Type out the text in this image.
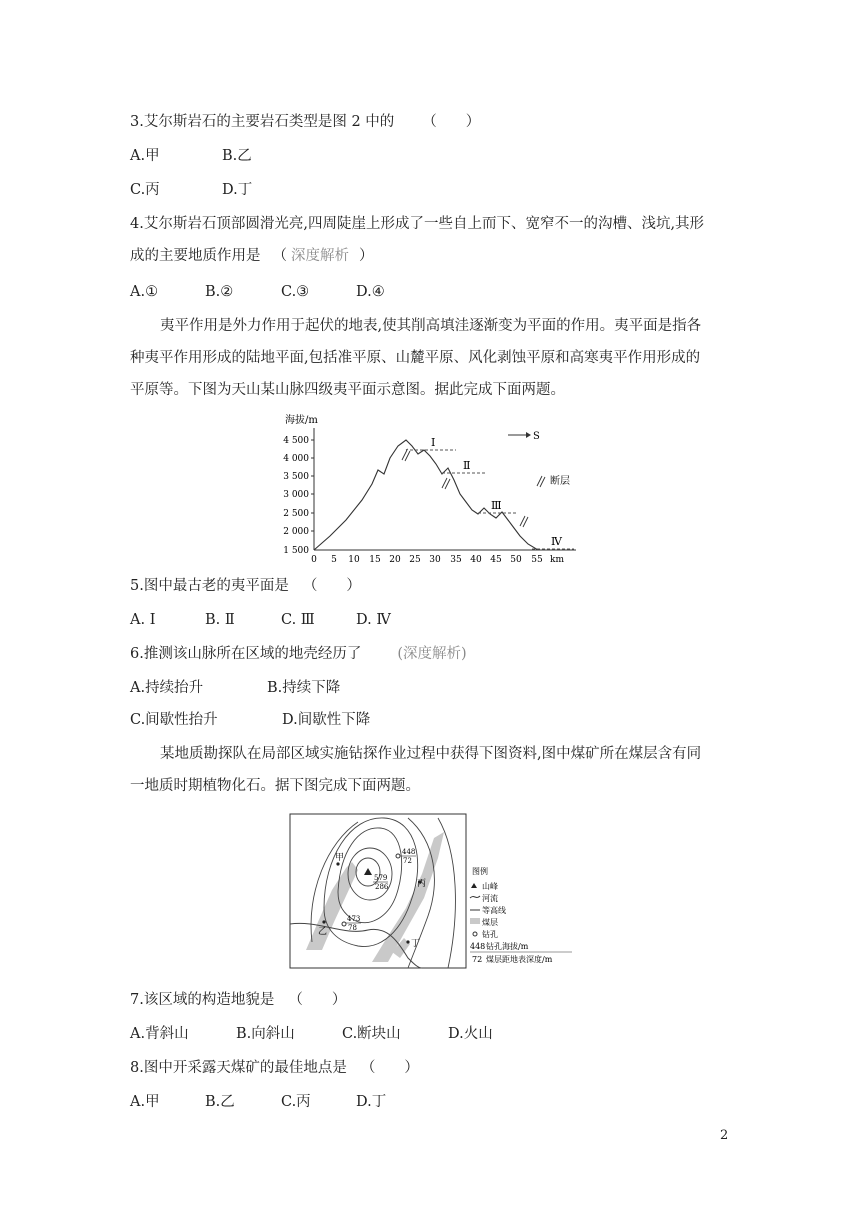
3.艾尔斯岩石的主要岩石类型是图 2 中的 （　　）
A.甲	B.乙
C.丙	D.丁
4.艾尔斯岩石顶部圆滑光亮,四周陡崖上形成了一些自上而下、宽窄不一的沟槽、浅坑,其形
成的主要地质作用是 （ 深度解析 ）
A.①	B.②	C.③	D.④
夷平作用是外力作用于起伏的地表,使其削高填洼逐渐变为平面的作用。夷平面是指各
种夷平作用形成的陆地平面,包括准平原、山麓平原、风化剥蚀平原和高寒夷平作用形成的
平原等。下图为天山某山脉四级夷平面示意图。据此完成下面两题。
海拔/m
4 500
4 000
3 500
3 000
2 500
2 000
1 500
0 5 10 15 20 25 30 35 40 45 50 55 km
Ⅰ
Ⅱ
Ⅲ
Ⅳ
S
断层
5.图中最古老的夷平面是 （　　）
A. Ⅰ	B. Ⅱ	C. Ⅲ	D. Ⅳ
6.推测该山脉所在区域的地壳经历了 (深度解析)
A.持续抬升	B.持续下降
C.间歇性抬升	D.间歇性下降
某地质勘探队在局部区域实施钻探作业过程中获得下图资料,图中煤矿所在煤层含有同
一地质时期植物化石。据下图完成下面两题。
甲
乙
丙
丁
448
72
579
286
473
78
图例
山峰
河流
等高线
煤层
钻孔
448 钻孔海拔/m
72 煤层距地表深度/m
7.该区域的构造地貌是 （　　）
A.背斜山	B.向斜山	C.断块山	D.火山
8.图中开采露天煤矿的最佳地点是 （　　）
A.甲	B.乙	C.丙	D.丁
2
